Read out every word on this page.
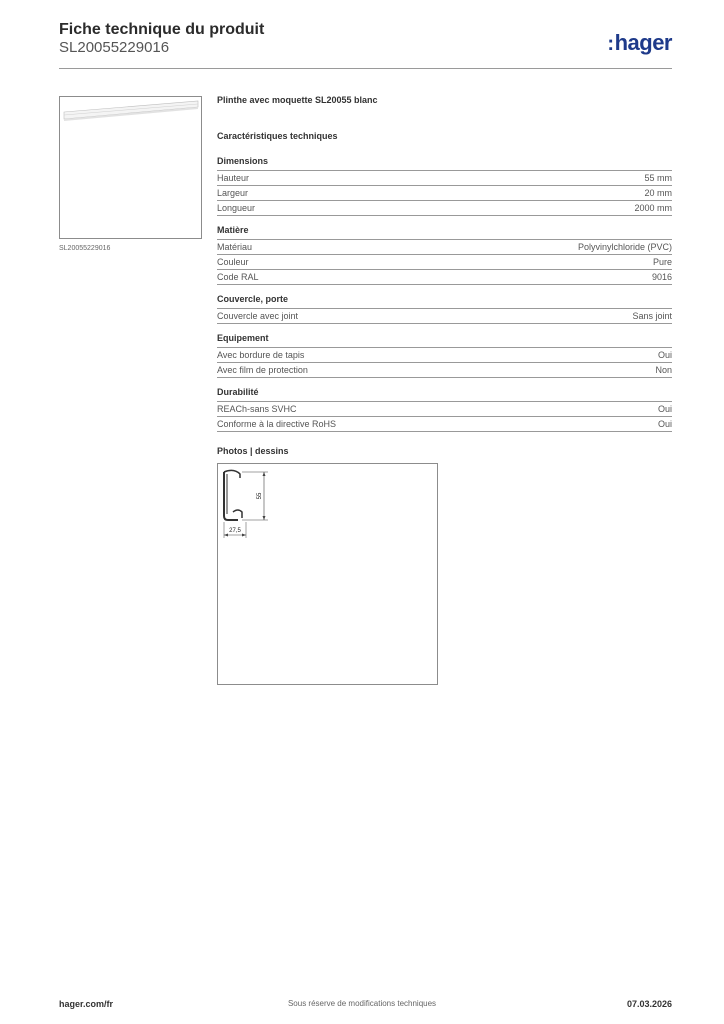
Fiche technique du produit
SL20055229016	:hager
SL20055229016
Plinthe avec moquette SL20055 blanc
Caractéristiques techniques
Dimensions
Hauteur	55 mm
Largeur	20 mm
Longueur	2000 mm
Matière
Matériau	Polyvinylchloride (PVC)
Couleur	Pure
Code RAL	9016
Couvercle, porte
Couvercle avec joint	Sans joint
Equipement
Avec bordure de tapis	Oui
Avec film de protection	Non
Durabilité
REACh-sans SVHC	Oui
Conforme à la directive RoHS	Oui
Photos | dessins
55
27,5
hager.com/fr	Sous réserve de modifications techniques	07.03.2026
